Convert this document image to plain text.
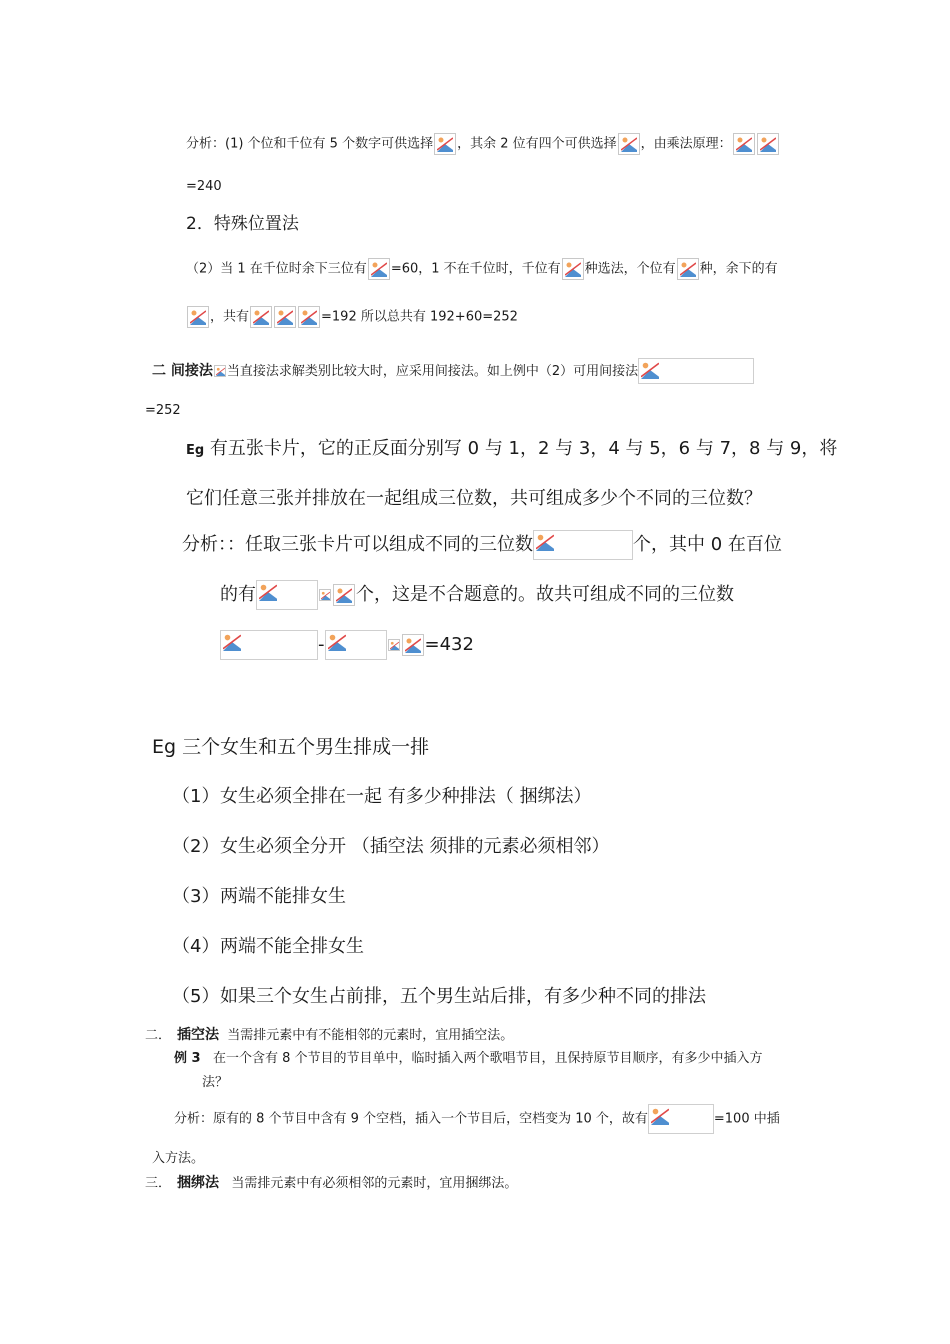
分析：(1) 个位和千位有 5 个数字可供选择 ，其余 2 位有四个可供选择 ，由乘法原理：
=240
2．特殊位置法
（2）当 1 在千位时余下三位有 =60，1 不在千位时，千位有 种选法，个位有 种，余下的有
，共有	=192 所以总共有 192+60=252
二 间接法 当直接法求解类别比较大时，应采用间接法。如上例中（2）可用间接法
=252
Eg 有五张卡片，它的正反面分别写 0 与 1，2 与 3，4 与 5，6 与 7，8 与 9，将
它们任意三张并排放在一起组成三位数，共可组成多少个不同的三位数？
分析：：任取三张卡片可以组成不同的三位数	个，其中 0 在百位
的有	个，这是不合题意的。故共可组成不同的三位数
-	=432
Eg 三个女生和五个男生排成一排
（1）女生必须全排在一起 有多少种排法（ 捆绑法）
（2）女生必须全分开 （插空法 须排的元素必须相邻）
（3）两端不能排女生
（4）两端不能全排女生
（5）如果三个女生占前排，五个男生站后排，有多少种不同的排法
二． 插空法 当需排元素中有不能相邻的元素时，宜用插空法。
例 3 在一个含有 8 个节目的节目单中，临时插入两个歌唱节目，且保持原节目顺序，有多少中插入方
法？
分析：原有的 8 个节目中含有 9 个空档，插入一个节目后，空档变为 10 个，故有	=100 中插
入方法。
三． 捆绑法 当需排元素中有必须相邻的元素时，宜用捆绑法。
